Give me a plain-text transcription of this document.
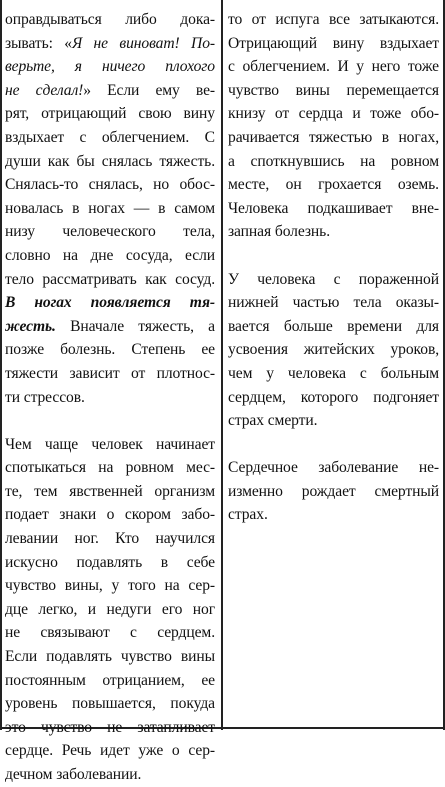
оправдываться либо дока-
зывать: «Я не виноват! По-
верьте, я ничего плохого
не сделал!» Если ему ве-
рят, отрицающий свою вину
вздыхает с облегчением. С
души как бы снялась тяжесть.
Снялась-то снялась, но обос-
новалась в ногах — в самом
низу человеческого тела,
словно на дне сосуда, если
тело рассматривать как сосуд.
В ногах появляется тя-
жесть. Вначале тяжесть, а
позже болезнь. Степень ее
тяжести зависит от плотнос-
ти стрессов.

Чем чаще человек начинает
спотыкаться на ровном мес-
те, тем явственней организм
подает знаки о скором забо-
левании ног. Кто научился
искусно подавлять в себе
чувство вины, у того на сер-
дце легко, и недуги его ног
не связывают с сердцем.
Если подавлять чувство вины
постоянным отрицанием, ее
уровень повышается, покуда
это чувство не затапливает
сердце. Речь идет уже о сер-
дечном заболевании.

то от испуга все затыкаются.
Отрицающий вину вздыхает
с облегчением. И у него тоже
чувство вины перемещается
книзу от сердца и тоже обо-
рачивается тяжестью в ногах,
а споткнувшись на ровном
месте, он грохается оземь.
Человека подкашивает вне-
запная болезнь.

У человека с пораженной
нижней частью тела оказы-
вается больше времени для
усвоения житейских уроков,
чем у человека с больным
сердцем, которого подгоняет
страх смерти.

Сердечное заболевание не-
изменно рождает смертный
страх.
